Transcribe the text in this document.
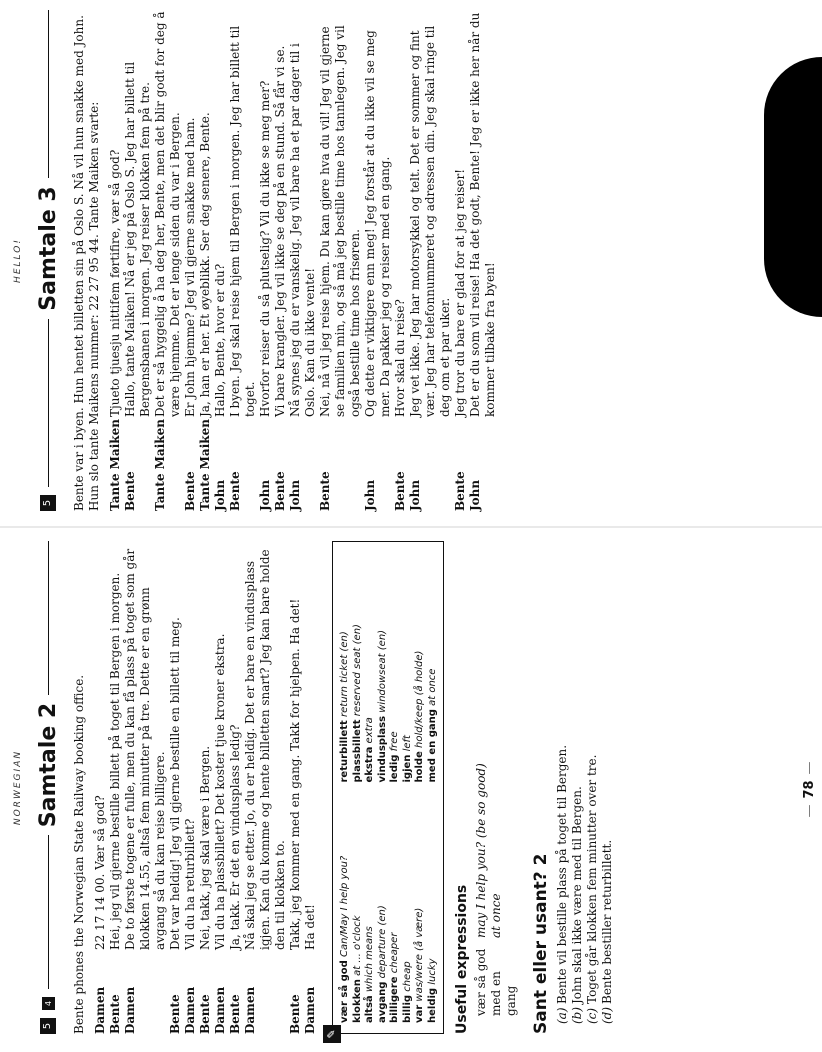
NORWEGIAN
5
4
Samtale 2 Bente phones the Norwegian State Railway booking office. Damen
22 17 14 00. Vær så god?
Bente
Hei, jeg vil gjerne bestille billett på toget til Bergen i morgen.
Damen
De to første togene er fulle, men du kan få plass på toget som går klokken 14.55, altså fem minutter på tre. Dette er en grønn avgang så du kan reise billigere.
Bente
Det var heldig! Jeg vil gjerne bestille en billett til meg.
Damen
Vil du ha returbillett?
Bente
Nei, takk, jeg skal være i Bergen.
Damen
Vil du ha plassbillett? Det koster tjue kroner ekstra.
Bente
Ja, takk. Er det en vindusplass ledig?
Damen
Nå skal jeg se etter. Jo, du er heldig. Det er bare en vindusplass igjen. Kan du komme og hente billetten snart? Jeg kan bare holde den til klokken to.
Bente
Takk, jeg kommer med en gang. Takk for hjelpen. Ha det!
Damen
Ha det!
✎
vær så god Can/May I help you?
klokken at ... o'clock
altså which means
avgang departure (en)
billigere cheaper
billig cheap
var was/were (å være)
heldig lucky
returbillett return ticket (en)
plassbillett reserved seat (en)
ekstra extra vindusplass windowseat (en)
ledig free
igjen left
holde hold/keep (å holde) med en gang at once
Useful expressions vær så god
may I help you? (be so good)
med en gang
at once	Sant eller usant? 2 (a)
Bente vil bestille plass på toget til Bergen.
(b)
John skal ikke være med til Bergen.
(c)
Toget går klokken fem minutter over tre.
(d)
Bente bestiller returbillett.
—78—
HELLO!
5
Samtale 3 Bente var i byen. Hun hentet billetten sin på Oslo S. Nå vil hun snakke med John. Hun slo tante Maikens nummer: 22 27 95 44. Tante Maiken svarte: Tante Maiken
Tjueto tjuesju nittifem førtifire, vær så god?
Bente
Hallo, tante Maiken! Nå er jeg på Oslo S. Jeg har billett til Bergensbanen i morgen. Jeg reiser klokken fem på tre.
Tante Maiken
Det er så hyggelig å ha deg her, Bente, men det blir godt for deg å være hjemme. Det er lenge siden du var i Bergen.
Bente
Er John hjemme? Jeg vil gjerne snakke med ham.
Tante Maiken
Ja, han er her. Et øyeblikk. Ser deg senere, Bente.
John
Hallo, Bente, hvor er du?
Bente
I byen. Jeg skal reise hjem til Bergen i morgen. Jeg har billett til toget.
John
Hvorfor reiser du så plutselig? Vil du ikke se meg mer?
Bente
Vi bare krangler. Jeg vil ikke se deg på en stund. Så får vi se.
John
Nå synes jeg du er vanskelig. Jeg vil bare ha et par dager til i Oslo. Kan du ikke vente!
Bente
Nei, nå vil jeg reise hjem. Du kan gjøre hva du vil! Jeg vil gjerne se familien min, og så må jeg bestille time hos tannlegen. Jeg vil også bestille time hos frisøren.
John
Og dette er viktigere enn meg! Jeg forstår at du ikke vil se meg mer. Da pakker jeg og reiser med en gang.
Bente
Hvor skal du reise?
John
Jeg vet ikke. Jeg har motorsykkel og telt. Det er sommer og fint vær. Jeg har telefonnummeret og adressen din. Jeg skal ringe til deg om et par uker.
Bente
Jeg tror du bare er glad for at jeg reiser!
John
Det er du som vil reise! Ha det godt, Bente! Jeg er ikke her når du kommer tilbake fra byen!
